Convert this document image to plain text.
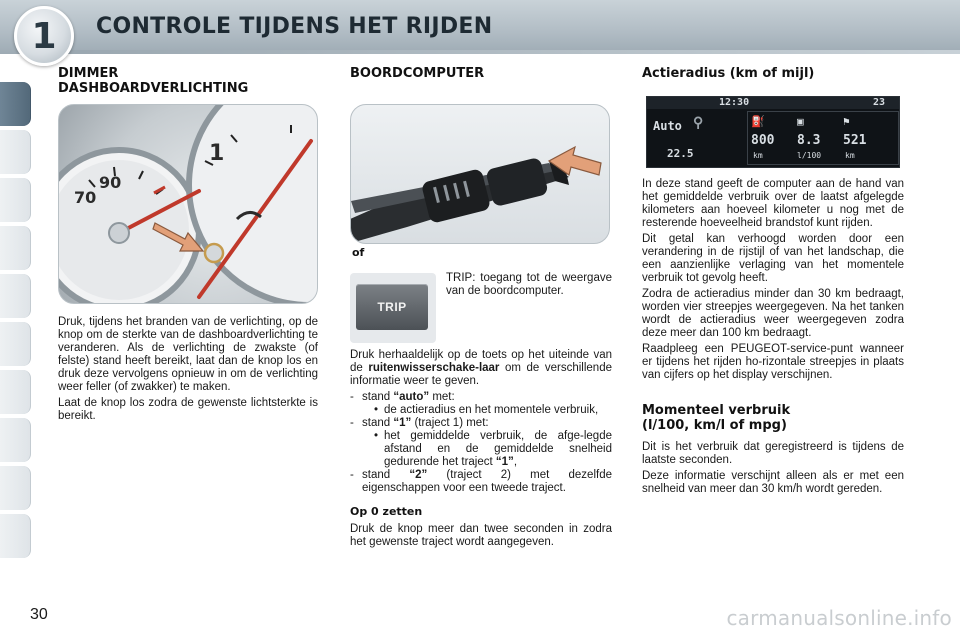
1 CONTROLE TIJDENS HET RIJDEN
DIMMER
DASHBOARDVERLICHTING
1
90
70

Druk, tijdens het branden van de verlichting, op de knop om de sterkte van de dashboardverlichting te veranderen. Als de verlichting de zwakste (of felste) stand heeft bereikt, laat dan de knop los en druk deze vervolgens opnieuw in om de verlichting weer feller (of zwakker) te maken.

Laat de knop los zodra de gewenste lichtsterkte is bereikt.

BOORDCOMPUTER
of
TRIP

TRIP: toegang tot de weergave van de boordcomputer.

Druk herhaaldelijk op de toets op het uiteinde van de ruitenwisserschake-laar om de verschillende informatie weer te geven.

- stand “auto” met:
• de actieradius en het momentele verbruik,
- stand “1” (traject 1) met:
• het gemiddelde verbruik, de afge-legde afstand en de gemiddelde snelheid gedurende het traject “1”,
- stand “2” (traject 2) met dezelfde eigenschappen voor een tweede traject.
Op 0 zetten

Druk de knop meer dan twee seconden in zodra het gewenste traject wordt aangegeven.

Actieradius (km of mijl)
12:30	23
Auto
22.5
⚲	⛽	▣	⚑
800 8.3 521
km	l/100	km

In deze stand geeft de computer aan de hand van het gemiddelde verbruik over de laatst afgelegde kilometers aan hoeveel kilometer u nog met de resterende hoeveelheid brandstof kunt rijden.

Dit getal kan verhoogd worden door een verandering in de rijstijl of van het landschap, die een aanzienlijke verlaging van het momentele verbruik tot gevolg heeft.

Zodra de actieradius minder dan 30 km bedraagt, worden vier streepjes weergegeven. Na het tanken wordt de actieradius weer weergegeven zodra deze meer dan 100 km bedraagt.

Raadpleeg een PEUGEOT-service-punt wanneer er tijdens het rijden ho-rizontale streepjes in plaats van cijfers op het display verschijnen.

Momenteel verbruik
(l/100, km/l of mpg)

Dit is het verbruik dat geregistreerd is tijdens de laatste seconden.

Deze informatie verschijnt alleen als er met een snelheid van meer dan 30 km/h wordt gereden.

30	carmanualsonline.info
